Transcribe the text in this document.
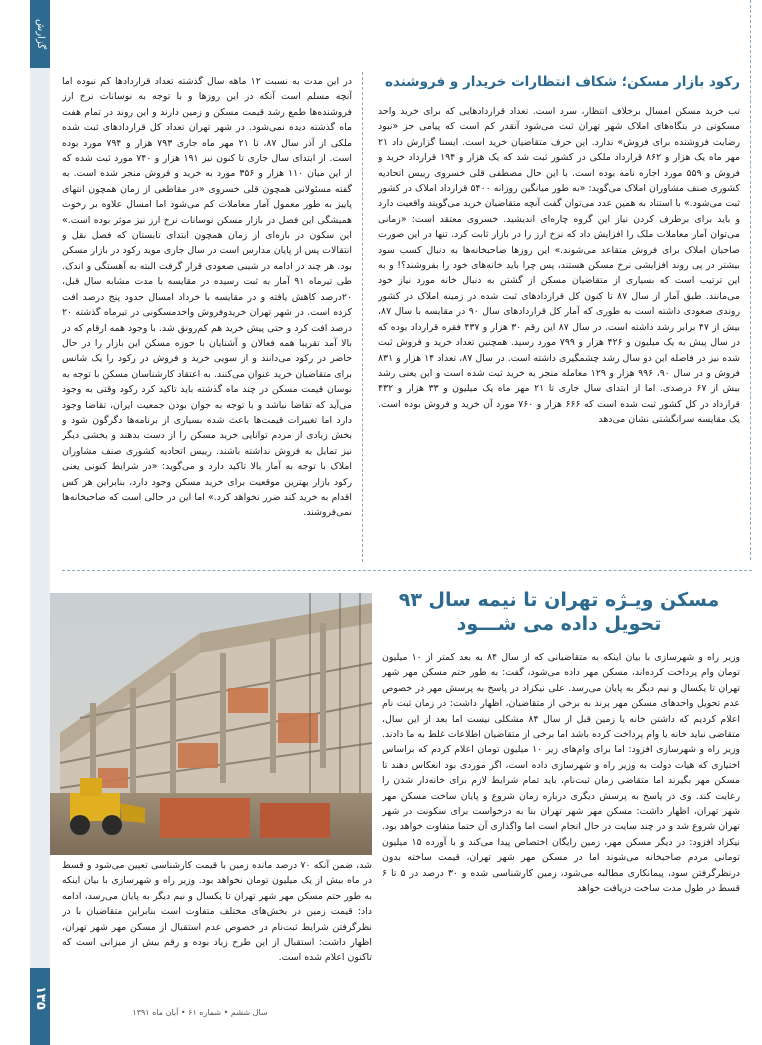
گزارش
۱۳۵
سال ششم • شماره ۶۱ • آبان ماه ۱۳۹۱
رکود بازار مسکن؛ شکاف انتظارات خریدار و فروشنده
تب خرید مسکن امسال برخلاف انتظار، سرد است. تعداد قراردادهایی که برای خرید واحد مسکونی در بنگاه‌های املاک شهر تهران ثبت می‌شود آنقدر کم است که پیامی جز «نبود رضایت فروشنده برای فروش» ندارد. این حرف متقاضیان خرید است. ایسنا گزارش داد ۲۱ مهر ماه یک هزار و ۸۶۲ قرارداد ملکی در کشور ثبت شد که یک هزار و ۱۹۴ قرارداد خرید و فروش و ۵۵۹ مورد اجاره نامه بوده است. با این حال مصطفی قلی خسروی رییس اتحادیه کشوری صنف مشاوران املاک می‌گوید: «به طور میانگین روزانه ۵۴۰۰ قرارداد املاک در کشور ثبت می‌شود.» با استناد به همین عدد می‌توان گفت آنچه متقاضیان خرید می‌گویند واقعیت دارد و باید برای برطرف کردن نیاز این گروه چاره‌ای اندیشید. خسروی معتقد است: «زمانی می‌توان آمار معاملات ملک را افزایش داد که نرخ ارز را در بازار ثابت کرد. تنها در این صورت صاحبان املاک برای فروش متقاعد می‌شوند.» این روزها صاحبخانه‌ها به دنبال کسب سود بیشتر در پی روند افزایشی نرخ مسکن هستند، پس چرا باید خانه‌های خود را بفروشند؟! و به این ترتیب است که بسیاری از متقاضیان مسکن از گشتن به دنبال خانه مورد نیاز خود می‌مانند. طبق آمار از سال ۸۷ تا کنون کل قراردادهای ثبت شده در زمینه املاک در کشور روندی صعودی داشته است به طوری که آمار کل قراردادهای سال ۹۰ در مقایسه با سال ۸۷، بیش از ۴۷ برابر رشد داشته است. در سال ۸۷ این رقم ۳۰ هزار و ۴۳۷ فقره قرارداد بوده که در سال پیش به یک میلیون و ۴۲۶ هزار و ۷۹۹ مورد رسید. همچنین تعداد خرید و فروش ثبت شده نیز در فاصله این دو سال رشد چشمگیری داشته است. در سال ۸۷، تعداد ۱۴ هزار و ۸۳۱ فروش و در سال ۹۰، ۹۹۶ هزار و ۱۲۹ معامله منجر به خرید ثبت شده است و این یعنی رشد بیش از ۶۷ درصدی. اما از ابتدای سال جاری تا ۲۱ مهر ماه یک میلیون و ۳۳ هزار و ۴۳۲ قرارداد در کل کشور ثبت شده است که ۶۶۶ هزار و ۷۶۰ مورد آن خرید و فروش بوده است. یک مقایسه سرانگشتی نشان می‌دهد
در این مدت به نسبت ۱۲ ماهه سال گذشته تعداد قراردادها کم نبوده اما آنچه مسلم است آنکه در این روزها و با توجه به نوسانات نرخ ارز فروشنده‌ها طمع رشد قیمت مسکن و زمین دارند و این روند در تمام هفت ماه گذشته دیده نمی‌شود. در شهر تهران تعداد کل قراردادهای ثبت شده ملکی از آذر سال ۸۷، تا ۲۱ مهر ماه جاری ۷۹۳ هزار و ۷۹۴ مورد بوده است. از ابتدای سال جاری تا کنون نیز ۱۹۱ هزار و ۷۴۰ مورد ثبت شده که از این میان ۱۱۰ هزار و ۳۵۶ مورد به خرید و فروش منجر شده است. به گفته مسئولانی همچون قلی خسروی «در مقاطعی از زمان همچون انتهای پاییز به طور معمول آمار معاملات کم می‌شود اما امسال علاوه بر رخوت همیشگی این فصل در بازار مسکن نوسانات نرخ ارز نیز موثر بوده است.» این سکون در بازه‌ای از زمان همچون ابتدای تابستان که فصل نقل و انتقالات پس از پایان مدارس است در سال جاری موید رکود در بازار مسکن بود. هر چند در ادامه در شیبی صعودی قرار گرفت البته به آهستگی و اندک. طی تیرماه ۹۱ آمار به ثبت رسیده در مقایسه با مدت مشابه سال قبل، ۲۰درصد کاهش یافته و در مقایسه با خرداد امسال حدود پنج درصد افت کرده است. در شهر تهران خریدوفروش واحدمسکونی در تیرماه گذشته ۲۰ درصد افت کرد و حتی پیش خرید هم کم‌رونق شد. با وجود همه ارقام که در بالا آمد تقریبا همه فعالان و آشنایان با حوزه مسکن این بازار را در حال حاضر در رکود می‌دانند و از سویی خرید و فروش در رکود را یک شانس برای متقاضیان خرید عنوان می‌کنند. به اعتقاد کارشناسان مسکن با توجه به نوسان قیمت مسکن در چند ماه گذشته باید تاکید کرد رکود وقتی به وجود می‌آید که تقاضا نباشد و با توجه به جوان بودن جمعیت ایران، تقاضا وجود دارد اما تغییرات قیمت‌ها باعث شده بسیاری از برنامه‌ها دگرگون شود و بخش زیادی از مردم توانایی خرید مسکن را از دست بدهند و بخشی دیگر نیز تمایل به فروش نداشته باشند. رییس اتحادیه کشوری صنف مشاوران املاک با توجه به آمار بالا تاکید دارد و می‌گوید: «در شرایط کنونی یعنی رکود بازار بهترین موقعیت برای خرید مسکن وجود دارد، بنابراین هر کس اقدام به خرید کند ضرر نخواهد کرد.» اما این در حالی است که صاحبخانه‌ها نمی‌فروشند.
مسکن ویـژه تهران تا نیمه سال ۹۳
تحویل داده می شـــود
وزیر راه و شهرسازی با بیان اینکه به متقاضیانی که از سال ۸۴ به بعد کمتر از ۱۰ میلیون تومان وام پرداخت کرده‌اند، مسکن مهر داده می‌شود، گفت: به طور حتم مسکن مهر شهر تهران تا یکسال و نیم دیگر به پایان می‌رسد. علی نیکزاد در پاسخ به پرسش مهر در خصوص عدم تحویل واحدهای مسکن مهر پرند به برخی از متقاضیان، اظهار داشت: در زمان ثبت نام اعلام کردیم که داشتن خانه یا زمین قبل از سال ۸۴ مشکلی نیست اما بعد از این سال، متقاضی نباید خانه یا وام پرداخت کرده باشد اما برخی از متقاضیان اطلاعات غلط به ما دادند. وزیر راه و شهرسازی افزود: اما برای وام‌های زیر ۱۰ میلیون تومان اعلام کردم که براساس اختیاری که هیات دولت به وزیر راه و شهرسازی داده است، اگر موردی بود انعکاس دهند تا مسکن مهر بگیرند اما متقاضی زمان ثبت‌نام، باید تمام شرایط لازم برای خانه‌دار شدن را رعایت کند. وی در پاسخ به پرسش دیگری درباره زمان شروع و پایان ساخت مسکن مهر شهر تهران، اظهار داشت: مسکن مهر شهر تهران بنا به درخواست برای سکونت در شهر تهران شروع شد و در چند سایت در حال انجام است اما واگذاری آن حتما متفاوت خواهد بود. نیکزاد افزود: در دیگر مسکن مهر، زمین رایگان اختصاص پیدا می‌کند و با آورده ۱۵ میلیون تومانی مردم صاحبخانه می‌شوند اما در مسکن مهر شهر تهران، قیمت ساخته بدون درنظرگرفتن سود، پیمانکاری مطالبه می‌شود، زمین کارشناسی شده و ۳۰ درصد در ۵ تا ۶ قسط در طول مدت ساخت دریافت خواهد
شد، ضمن آنکه ۷۰ درصد مانده زمین با قیمت کارشناسی تعیین می‌شود و قسط در ماه بیش از یک میلیون تومان نخواهد بود. وزیر راه و شهرسازی با بیان اینکه به طور حتم مسکن مهر شهر تهران تا یکسال و نیم دیگر به پایان می‌رسد، ادامه داد: قیمت زمین در بخش‌های مختلف متفاوت است بنابراین متقاضیان با در نظرگرفتن شرایط ثبت‌نام در خصوص عدم استقبال از مسکن مهر شهر تهران، اظهار داشت: استقبال از این طرح زیاد بوده و رقم بیش از میزانی است که تاکنون اعلام شده است.
